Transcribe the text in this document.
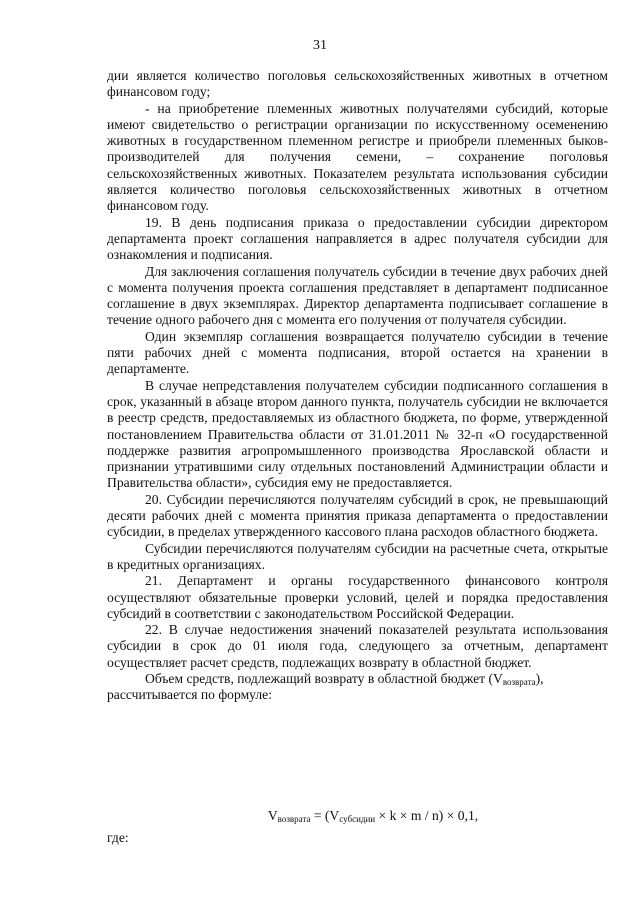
31

дии является количество поголовья сельскохозяйственных животных в отчетном финансовом году;

- на приобретение племенных животных получателями субсидий, которые имеют свидетельство о регистрации организации по искусственному осеменению животных в государственном племенном регистре и приобрели племенных быков-производителей для получения семени, – сохранение поголовья сельскохозяйственных животных. Показателем результата использования субсидии является количество поголовья сельскохозяйственных животных в отчетном финансовом году.

19. В день подписания приказа о предоставлении субсидии директором департамента проект соглашения направляется в адрес получателя субсидии для ознакомления и подписания.

Для заключения соглашения получатель субсидии в течение двух рабочих дней с момента получения проекта соглашения представляет в департамент подписанное соглашение в двух экземплярах. Директор департамента подписывает соглашение в течение одного рабочего дня с момента его получения от получателя субсидии.

Один экземпляр соглашения возвращается получателю субсидии в течение пяти рабочих дней с момента подписания, второй остается на хранении в департаменте.

В случае непредставления получателем субсидии подписанного соглашения в срок, указанный в абзаце втором данного пункта, получатель субсидии не включается в реестр средств, предоставляемых из областного бюджета, по форме, утвержденной постановлением Правительства области от 31.01.2011 № 32-п «О государственной поддержке развития агропромышленного производства Ярославской области и признании утратившими силу отдельных постановлений Администрации области и Правительства области», субсидия ему не предоставляется.

20. Субсидии перечисляются получателям субсидий в срок, не превышающий десяти рабочих дней с момента принятия приказа департамента о предоставлении субсидии, в пределах утвержденного кассового плана расходов областного бюджета.

Субсидии перечисляются получателям субсидии на расчетные счета, открытые в кредитных организациях.

21. Департамент и органы государственного финансового контроля осуществляют обязательные проверки условий, целей и порядка предоставления субсидий в соответствии с законодательством Российской Федерации.

22. В случае недостижения значений показателей результата использования субсидии в срок до 01 июля года, следующего за отчетным, департамент осуществляет расчет средств, подлежащих возврату в областной бюджет.

Объем средств, подлежащий возврату в областной бюджет $(V_{возврата})$,

рассчитывается по формуле:

$V_{возврата} = (V_{субсидии} \times k \times m / n) \times 0,1$,
где:
